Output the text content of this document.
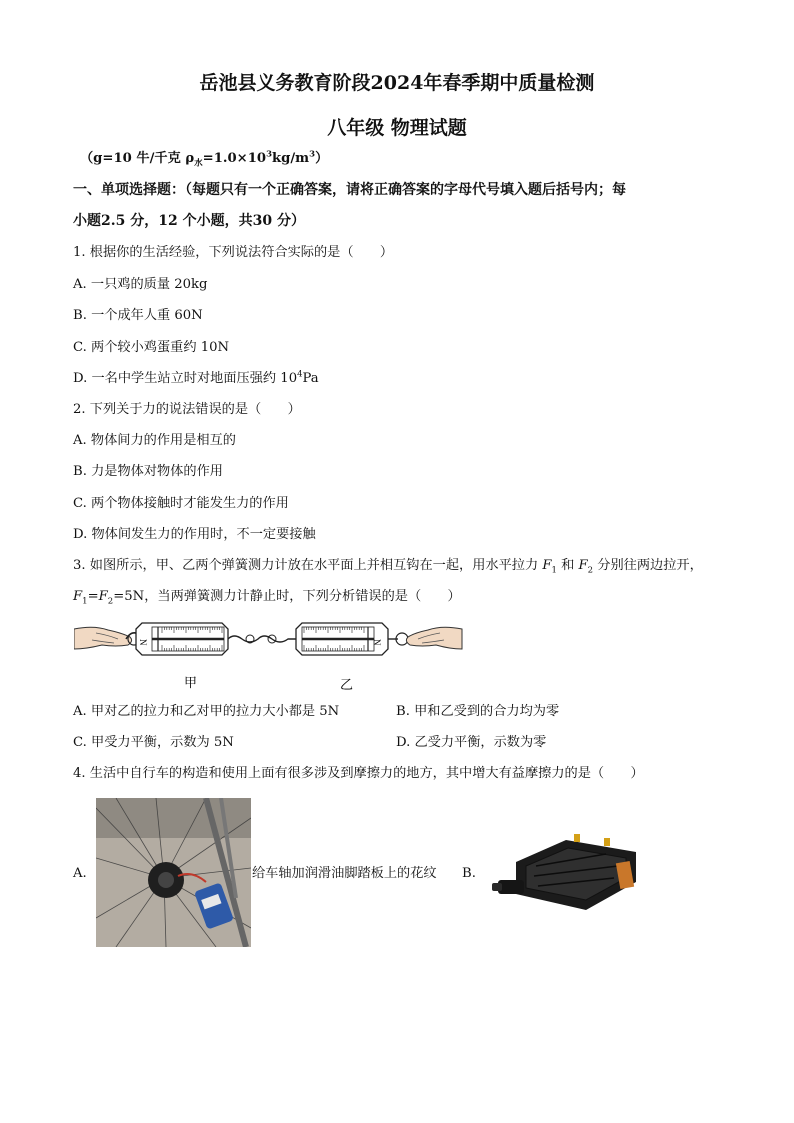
岳池县义务教育阶段2024年春季期中质量检测
八年级 物理试题
（g=10 牛/千克 $\rho_水=1.0\times 10^3kg/m^3$）
一、单项选择题：（每题只有一个正确答案，请将正确答案的字母代号填入题后括号内；每
小题2.5 分，12 个小题，共30 分）
1. 根据你的生活经验，下列说法符合实际的是（　　）
A. 一只鸡的质量 20kg
B. 一个成年人重 60N
C. 两个较小鸡蛋重约 10N
D. 一名中学生站立时对地面压强约 $10^4Pa$
2. 下列关于力的说法错误的是（　　）
A. 物体间力的作用是相互的
B. 力是物体对物体的作用
C. 两个物体接触时才能发生力的作用
D. 物体间发生力的作用时，不一定要接触
3. 如图所示，甲、乙两个弹簧测力计放在水平面上并相互钩在一起，用水平拉力 $F_1$ 和 $F_2$ 分别往两边拉开，
$F_1=F_2=5N$，当两弹簧测力计静止时，下列分析错误的是（　　）
N	N
甲	乙
A. 甲对乙的拉力和乙对甲的拉力大小都是 5N	B. 甲和乙受到的合力均为零
C. 甲受力平衡，示数为 5N	D. 乙受力平衡，示数为零
4. 生活中自行车的构造和使用上面有很多涉及到摩擦力的地方，其中增大有益摩擦力的是（　　）
A.	给车轴加润滑油脚踏板上的花纹 B.
